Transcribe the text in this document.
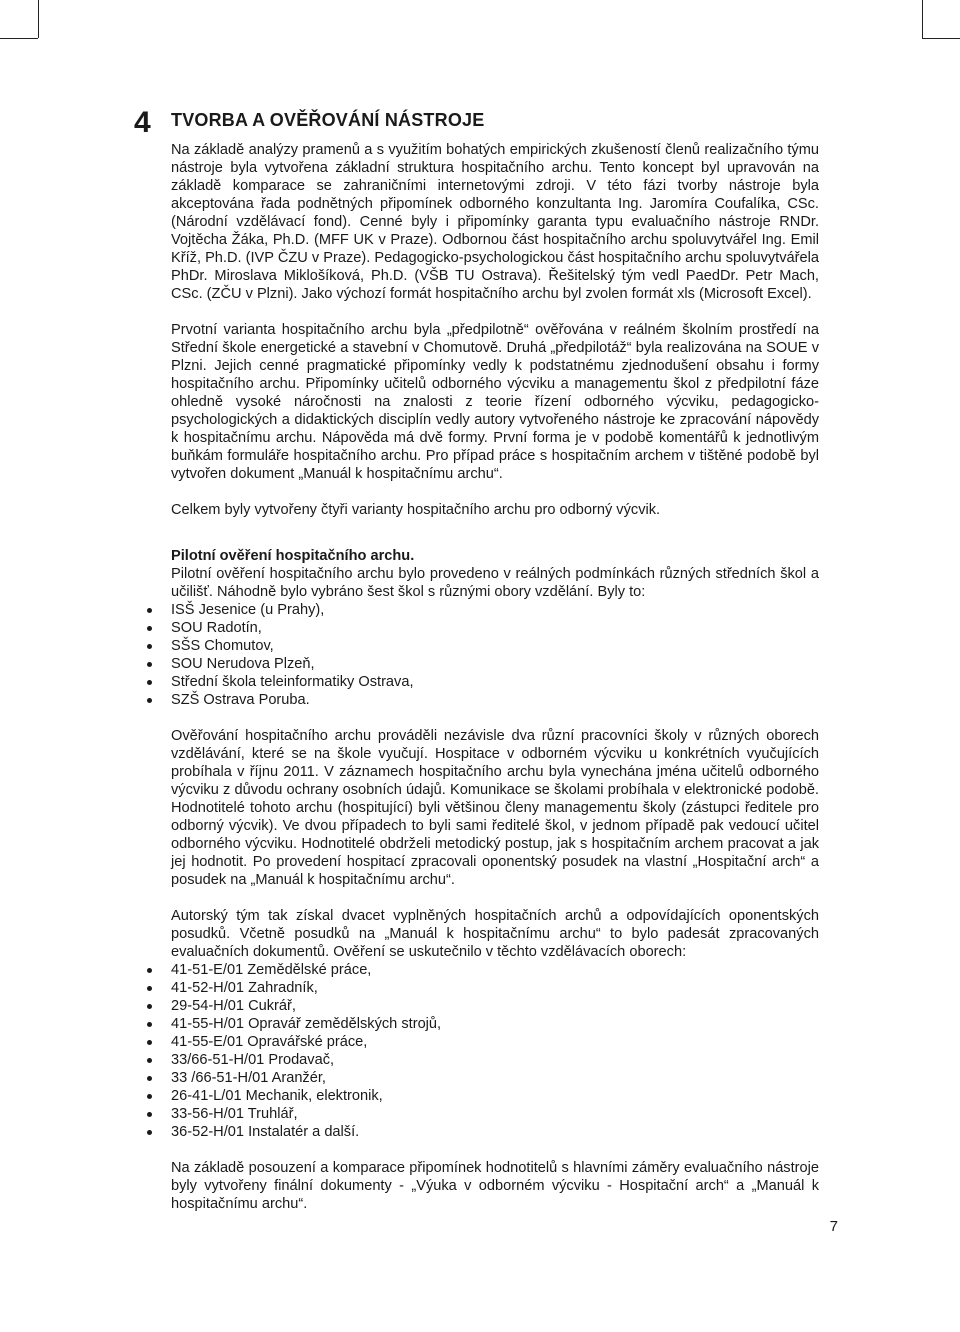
4 TVORBA A OVĚŘOVÁNÍ NÁSTROJE

Na základě analýzy pramenů a s využitím bohatých empirických zkušeností členů realizačního týmu nástroje byla vytvořena základní struktura hospitačního archu. Tento koncept byl upravován na základě komparace se zahraničními internetovými zdroji. V této fázi tvorby nástroje byla akceptována řada podnětných připomínek odborného konzultanta Ing. Jaromíra Coufalíka, CSc. (Národní vzdělávací fond). Cenné byly i připomínky garanta typu evaluačního nástroje RNDr. Vojtěcha Žáka, Ph.D. (MFF UK v Praze). Odbornou část hospitačního archu spoluvytvářel Ing. Emil Kříž, Ph.D. (IVP ČZU v Praze). Pedagogicko-psychologickou část hospitačního archu spoluvytvářela PhDr. Miroslava Miklošíková, Ph.D. (VŠB TU Ostrava). Řešitelský tým vedl PaedDr. Petr Mach, CSc. (ZČU v Plzni). Jako výchozí formát hospitačního archu byl zvolen formát xls (Microsoft Excel).

Prvotní varianta hospitačního archu byla „předpilotně“ ověřována v reálném školním prostředí na Střední škole energetické a stavební v Chomutově. Druhá „předpilotáž“ byla realizována na SOUE v Plzni. Jejich cenné pragmatické připomínky vedly k podstatnému zjednodušení obsahu i formy hospitačního archu. Připomínky učitelů odborného výcviku a managementu škol z předpilotní fáze ohledně vysoké náročnosti na znalosti z teorie řízení odborného výcviku, pedagogicko-psychologických a didaktických disciplín vedly autory vytvořeného nástroje ke zpracování nápovědy k hospitačnímu archu. Nápověda má dvě formy. První forma je v podobě komentářů k jednotlivým buňkám formuláře hospitačního archu. Pro případ práce s hospitačním archem v tištěné podobě byl vytvořen dokument „Manuál k hospitačnímu archu“.

Celkem byly vytvořeny čtyři varianty hospitačního archu pro odborný výcvik.

Pilotní ověření hospitačního archu.

Pilotní ověření hospitačního archu bylo provedeno v reálných podmínkách různých středních škol a učilišť. Náhodně bylo vybráno šest škol s různými obory vzdělání. Byly to:

ISŠ Jesenice (u Prahy),
SOU Radotín,
SŠS Chomutov,
SOU Nerudova Plzeň,
Střední škola teleinformatiky Ostrava,
SZŠ Ostrava Poruba.

Ověřování hospitačního archu prováděli nezávisle dva různí pracovníci školy v různých oborech vzdělávání, které se na škole vyučují. Hospitace v odborném výcviku u konkrétních vyučujících probíhala v říjnu 2011. V záznamech hospitačního archu byla vynechána jména učitelů odborného výcviku z důvodu ochrany osobních údajů. Komunikace se školami probíhala v elektronické podobě. Hodnotitelé tohoto archu (hospitující) byli většinou členy managementu školy (zástupci ředitele pro odborný výcvik). Ve dvou případech to byli sami ředitelé škol, v jednom případě pak vedoucí učitel odborného výcviku. Hodnotitelé obdrželi metodický postup, jak s hospitačním archem pracovat a jak jej hodnotit. Po provedení hospitací zpracovali oponentský posudek na vlastní „Hospitační arch“ a posudek na „Manuál k hospitačnímu archu“.

Autorský tým tak získal dvacet vyplněných hospitačních archů a odpovídajících oponentských posudků. Včetně posudků na „Manuál k hospitačnímu archu“ to bylo padesát zpracovaných evaluačních dokumentů. Ověření se uskutečnilo v těchto vzdělávacích oborech:

41-51-E/01 Zemědělské práce,
41-52-H/01 Zahradník,
29-54-H/01 Cukrář,
41-55-H/01 Opravář zemědělských strojů,
41-55-E/01 Opravářské práce,
33/66-51-H/01 Prodavač,
33 /66-51-H/01 Aranžér,
26-41-L/01 Mechanik, elektronik,
33-56-H/01 Truhlář,
36-52-H/01 Instalatér a další.

Na základě posouzení a komparace připomínek hodnotitelů s hlavními záměry evaluačního nástroje byly vytvořeny finální dokumenty - „Výuka v odborném výcviku - Hospitační arch“ a „Manuál k hospitačnímu archu“.

7
